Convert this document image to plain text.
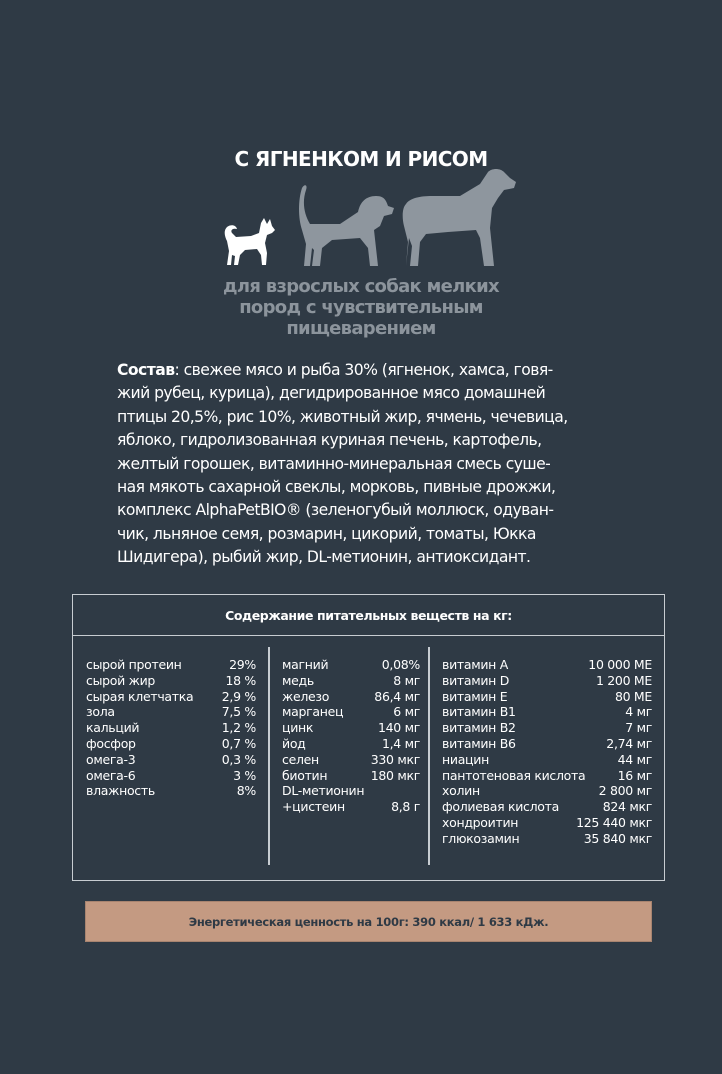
С ЯГНЕНКОМ И РИСОМ
для взрослых собак мелких
пород с чувствительным
пищеварением
Состав: свежее мясо и рыба 30% (ягненок, хамса, говя-
жий рубец, курица), дегидрированное мясо домашней
птицы 20,5%, рис 10%, животный жир, ячмень, чечевица,
яблоко, гидролизованная куриная печень, картофель,
желтый горошек, витаминно-минеральная смесь суше-
ная мякоть сахарной свеклы, морковь, пивные дрожжи,
комплекс AlphaPetBIO® (зеленогубый моллюск, одуван-
чик, льняное семя, розмарин, цикорий, томаты, Юкка
Шидигера), рыбий жир, DL-метионин, антиоксидант.
Содержание питательных веществ на кг:
сырой протеин	29%
сырой жир	18 %
сырая клетчатка 2,9 %
зола	7,5 %
кальций	1,2 %
фосфор	0,7 %
омега-3	0,3 %
омега-6	3 %
влажность	8%
магний	0,08%
медь	8 мг
железо	86,4 мг
марганец	6 мг
цинк	140 мг
йод	1,4 мг
селен	330 мкг
биотин	180 мкг
DL-метионин
+цистеин	8,8 г
витамин A	10 000 МЕ
витамин D	1 200 МЕ
витамин E	80 МЕ
витамин B1	4 мг
витамин B2	7 мг
витамин B6	2,74 мг
ниацин	44 мг
пантотеновая кислота	16 мг
холин	2 800 мг
фолиевая кислота	824 мкг
хондроитин	125 440 мкг
глюкозамин	35 840 мкг
Энергетическая ценность на 100г: 390 ккал/ 1 633 кДж.
